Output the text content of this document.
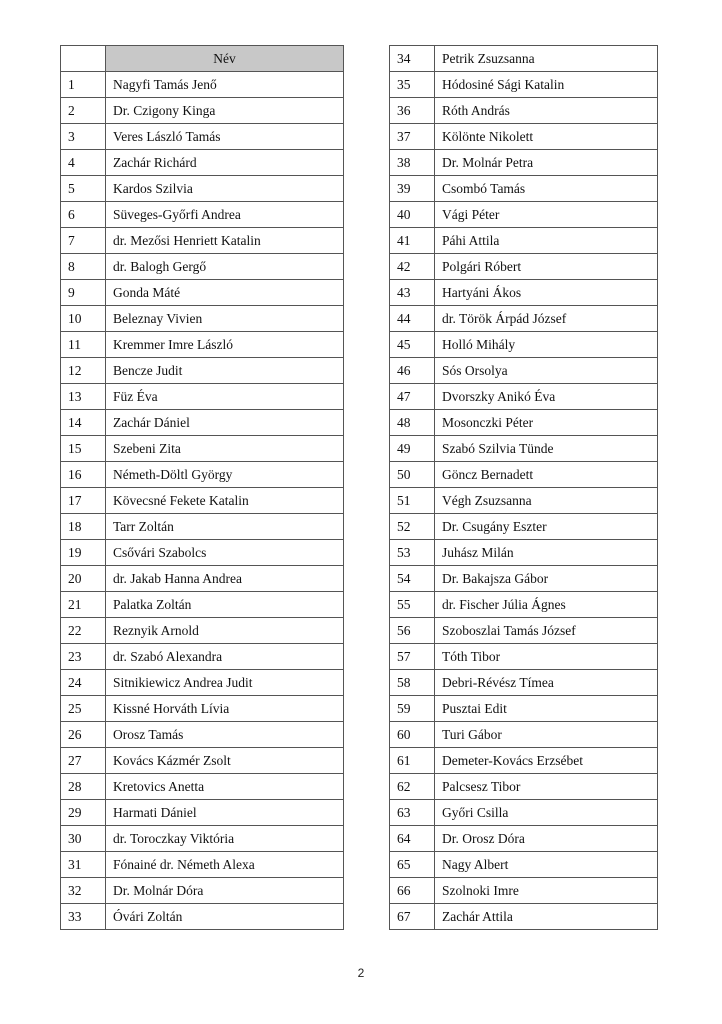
	Név
1	Nagyfi Tamás Jenő
2	Dr. Czigony Kinga
3	Veres László Tamás
4	Zachár Richárd
5	Kardos Szilvia
6	Süveges-Győrfi Andrea
7	dr. Mezősi Henriett Katalin
8	dr. Balogh Gergő
9	Gonda Máté
10	Beleznay Vivien
11	Kremmer Imre László
12	Bencze Judit
13	Füz Éva
14	Zachár Dániel
15	Szebeni Zita
16	Németh-Döltl György
17	Kövecsné Fekete Katalin
18	Tarr Zoltán
19	Csővári Szabolcs
20	dr. Jakab Hanna Andrea
21	Palatka Zoltán
22	Reznyik Arnold
23	dr. Szabó Alexandra
24	Sitnikiewicz Andrea Judit
25	Kissné Horváth Lívia
26	Orosz Tamás
27	Kovács Kázmér Zsolt
28	Kretovics Anetta
29	Harmati Dániel
30	dr. Toroczkay Viktória
31	Fónainé dr. Németh Alexa
32	Dr. Molnár Dóra
33	Óvári Zoltán
34	Petrik Zsuzsanna
35	Hódosiné Sági Katalin
36	Róth András
37	Kölönte Nikolett
38	Dr. Molnár Petra
39	Csombó Tamás
40	Vági Péter
41	Páhi Attila
42	Polgári Róbert
43	Hartyáni Ákos
44	dr. Török Árpád József
45	Holló Mihály
46	Sós Orsolya
47	Dvorszky Anikó Éva
48	Mosonczki Péter
49	Szabó Szilvia Tünde
50	Göncz Bernadett
51	Végh Zsuzsanna
52	Dr. Csugány Eszter
53	Juhász Milán
54	Dr. Bakajsza Gábor
55	dr. Fischer Júlia Ágnes
56	Szoboszlai Tamás József
57	Tóth Tibor
58	Debri-Révész Tímea
59	Pusztai Edit
60	Turi Gábor
61	Demeter-Kovács Erzsébet
62	Palcsesz Tibor
63	Győri Csilla
64	Dr. Orosz Dóra
65	Nagy Albert
66	Szolnoki Imre
67	Zachár Attila
2
